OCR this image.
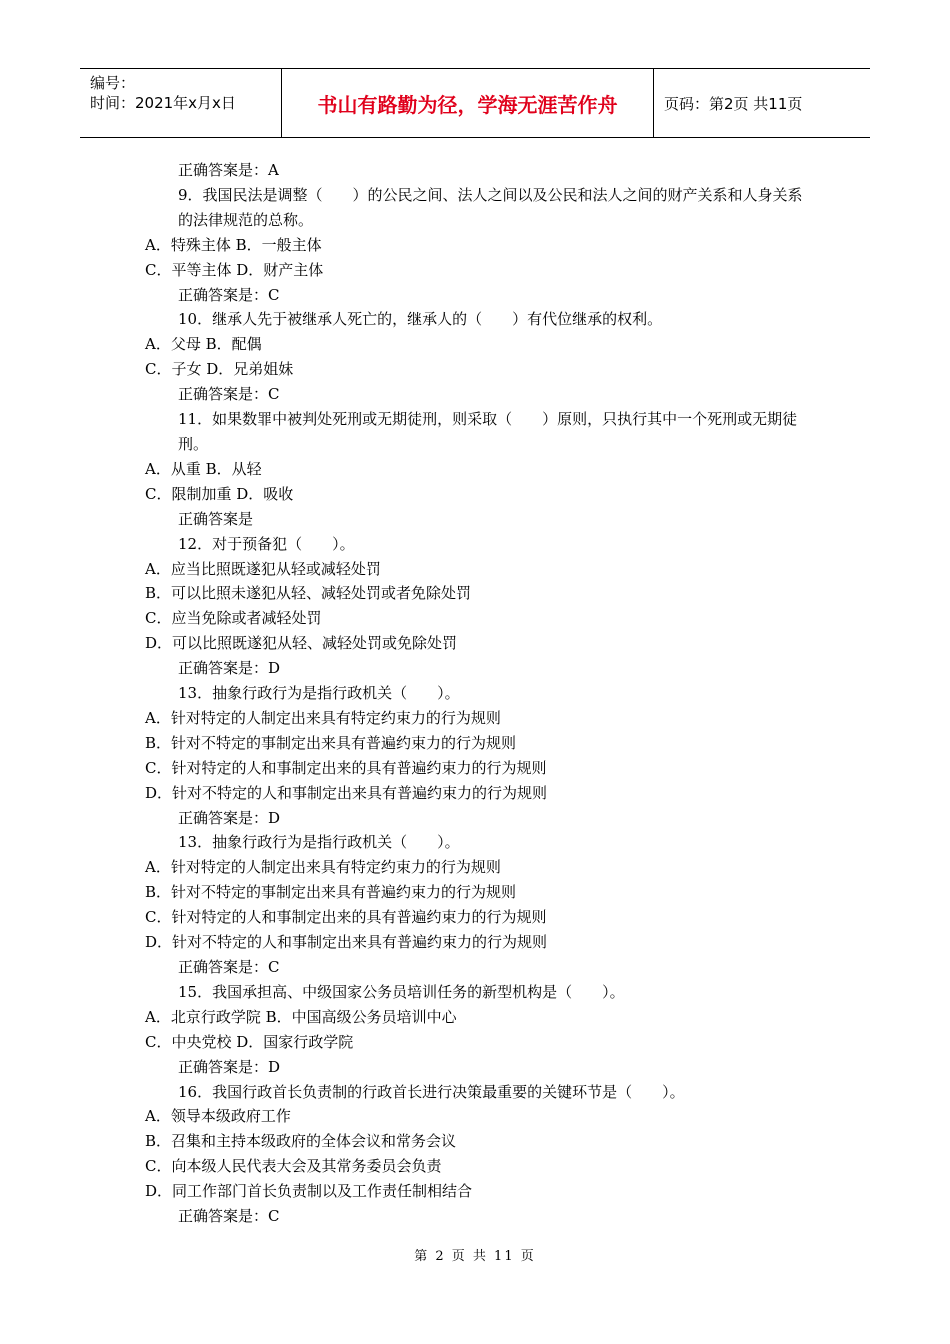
编号：
时间：2021年x月x日	书山有路勤为径，学海无涯苦作舟	页码：第2页 共11页
正确答案是：A
9．我国民法是调整（　　）的公民之间、法人之间以及公民和法人之间的财产关系和人身关系的法律规范的总称。
A．特殊主体 B．一般主体
C．平等主体 D．财产主体
正确答案是：C
10．继承人先于被继承人死亡的，继承人的（　　）有代位继承的权利。
A．父母 B．配偶
C．子女 D．兄弟姐妹
正确答案是：C
11．如果数罪中被判处死刑或无期徒刑，则采取（　　）原则，只执行其中一个死刑或无期徒刑。
A．从重 B．从轻
C．限制加重 D．吸收
正确答案是
12．对于预备犯（　　）。
A．应当比照既遂犯从轻或减轻处罚
B．可以比照未遂犯从轻、减轻处罚或者免除处罚
C．应当免除或者减轻处罚
D．可以比照既遂犯从轻、减轻处罚或免除处罚
正确答案是：D
13．抽象行政行为是指行政机关（　　）。
A．针对特定的人制定出来具有特定约束力的行为规则
B．针对不特定的事制定出来具有普遍约束力的行为规则
C．针对特定的人和事制定出来的具有普遍约束力的行为规则
D．针对不特定的人和事制定出来具有普遍约束力的行为规则
正确答案是：D
13．抽象行政行为是指行政机关（　　）。
A．针对特定的人制定出来具有特定约束力的行为规则
B．针对不特定的事制定出来具有普遍约束力的行为规则
C．针对特定的人和事制定出来的具有普遍约束力的行为规则
D．针对不特定的人和事制定出来具有普遍约束力的行为规则
正确答案是：C
15．我国承担高、中级国家公务员培训任务的新型机构是（　　）。
A．北京行政学院 B．中国高级公务员培训中心
C．中央党校 D．国家行政学院
正确答案是：D
16．我国行政首长负责制的行政首长进行决策最重要的关键环节是（　　）。
A．领导本级政府工作
B．召集和主持本级政府的全体会议和常务会议
C．向本级人民代表大会及其常务委员会负责
D．同工作部门首长负责制以及工作责任制相结合
正确答案是：C
第 2 页 共 11 页
